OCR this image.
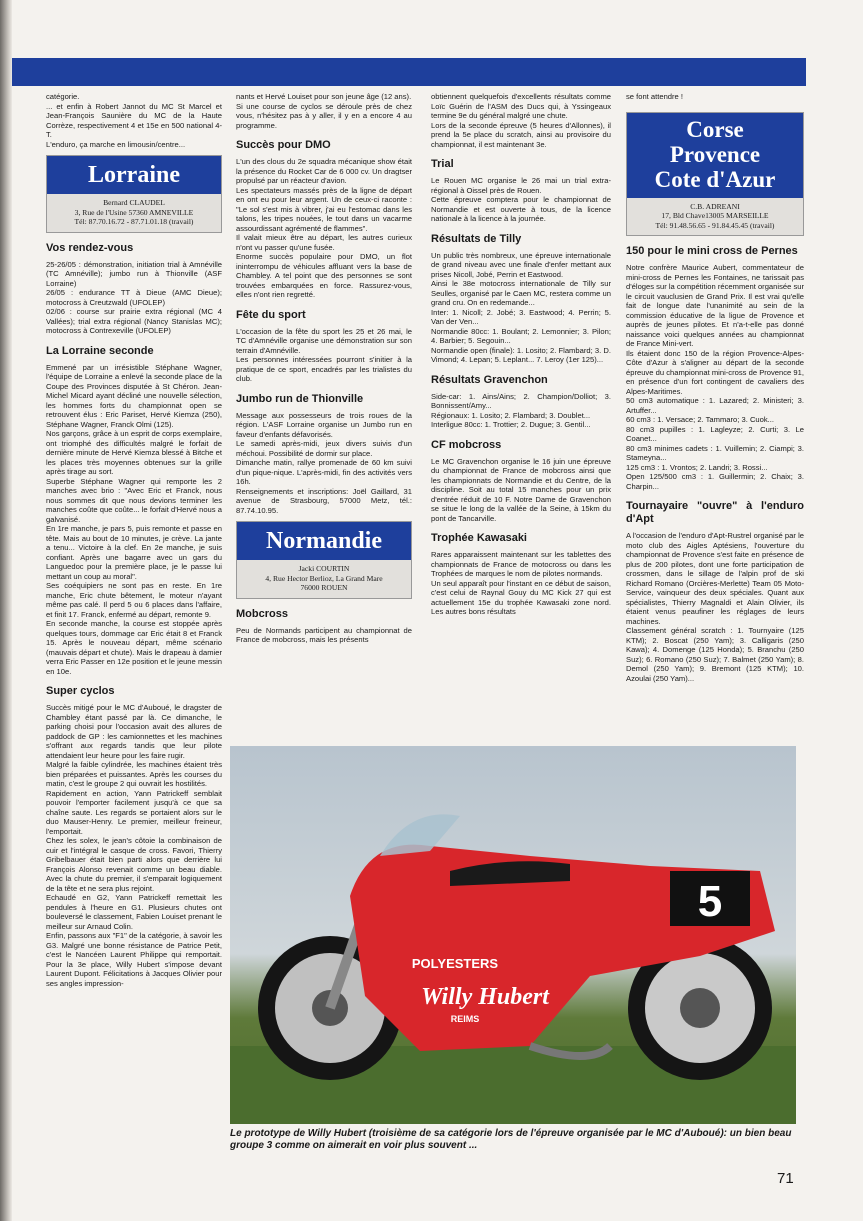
catégorie.
... et enfin à Robert Jannot du MC St Marcel et Jean-François Saunière du MC de la Haute Corrèze, respectivement 4 et 15e en 500 national 4-T.
L'enduro, ça marche en limousin/centre...

Lorraine
Bernard CLAUDEL
3, Rue de l'Usine 57360 AMNEVILLE
Tél: 87.70.16.72 - 87.71.01.18 (travail)
Vos rendez-vous

25-26/05 : démonstration, initiation trial à Amnéville (TC Amnéville); jumbo run à Thionville (ASF Lorraine)
26/05 : endurance TT à Dieue (AMC Dieue); motocross à Creutzwald (UFOLEP)
02/06 : course sur prairie extra régional (MC 4 Vallées); trial extra régional (Nancy Stanislas MC); motocross à Contrexeville (UFOLEP)

La Lorraine seconde

Emmené par un irrésistible Stéphane Wagner, l'équipe de Lorraine a enlevé la seconde place de la Coupe des Provinces disputée à St Chéron. Jean-Michel Micard ayant décliné une nouvelle sélection, les hommes forts du championnat open se retrouvent élus : Eric Pariset, Hervé Kiemza (250), Stéphane Wagner, Franck Olmi (125).
Nos garçons, grâce à un esprit de corps exemplaire, ont triomphé des difficultés malgré le forfait de dernière minute de Hervé Kiemza blessé à Bitche et les places très moyennes obtenues sur la grille après tirage au sort.
Superbe Stéphane Wagner qui remporte les 2 manches avec brio : "Avec Eric et Franck, nous nous sommes dit que nous devions terminer les manches coûte que coûte... le forfait d'Hervé nous a galvanisé.
En 1re manche, je pars 5, puis remonte et passe en tête. Mais au bout de 10 minutes, je crève. La jante a tenu... Victoire à la clef. En 2e manche, je suis confiant. Après une bagarre avec un gars du Languedoc pour la première place, je le passe lui mettant un coup au moral".
Ses coéquipiers ne sont pas en reste. En 1re manche, Eric chute bêtement, le moteur n'ayant même pas calé. Il perd 5 ou 6 places dans l'affaire, et finit 17. Franck, enfermé au départ, remonte 9.
En seconde manche, la course est stoppée après quelques tours, dommage car Eric était 8 et Franck 15. Après le nouveau départ, même scénario (mauvais départ et chute). Mais le drapeau à damier verra Eric Passer en 12e position et le jeune messin en 10e.

Super cyclos

Succès mitigé pour le MC d'Auboué, le dragster de Chambley étant passé par là. Ce dimanche, le parking choisi pour l'occasion avait des allures de paddock de GP : les camionnettes et les machines s'offrant aux regards tandis que leur pilote attendaient leur heure pour les faire rugir.
Malgré la faible cylindrée, les machines étaient très bien préparées et puissantes. Après les courses du matin, c'est le groupe 2 qui ouvrait les hostilités.
Rapidement en action, Yann Patrickeff semblait pouvoir l'emporter facilement jusqu'à ce que sa chaîne saute. Les regards se portaient alors sur le duo Mauser-Henry. Le premier, meilleur freineur, l'emportait.
Chez les solex, le jean's côtoie la combinaison de cuir et l'intégral le casque de cross. Favori, Thierry Gribelbauer était bien parti alors que derrière lui François Alonso revenait comme un beau diable. Avec la chute du premier, il s'emparait logiquement de la tête et ne sera plus rejoint.
Echaudé en G2, Yann Patrickeff remettait les pendules à l'heure en G1. Plusieurs chutes ont bouleversé le classement, Fabien Louiset prenant le meilleur sur Arnaud Colin.
Enfin, passons aux "F1" de la catégorie, à savoir les G3. Malgré une bonne résistance de Patrice Petit, c'est le Nancéen Laurent Philippe qui remportait. Pour la 3e place, Willy Hubert s'impose devant Laurent Dupont. Félicitations à Jacques Olivier pour ses angles impression-

nants et Hervé Louiset pour son jeune âge (12 ans).
Si une course de cyclos se déroule près de chez vous, n'hésitez pas à y aller, il y en a encore 4 au programme.

Succès pour DMO

L'un des clous du 2e squadra mécanique show était la présence du Rocket Car de 6 000 cv. Un dragtser propulsé par un réacteur d'avion.
Les spectateurs massés près de la ligne de départ en ont eu pour leur argent. Un de ceux-ci raconte : "Le sol s'est mis à vibrer, j'ai eu l'estomac dans les talons, les tripes nouées, le tout dans un vacarme assourdissant agrémenté de flammes".
Il valait mieux être au départ, les autres curieux n'ont vu passer qu'une fusée.
Enorme succès populaire pour DMO, un flot ininterrompu de véhicules affluant vers la base de Chambley. A tel point que des personnes se sont trouvées embarquées en force. Rassurez-vous, elles n'ont rien regretté.

Fête du sport

L'occasion de la fête du sport les 25 et 26 mai, le TC d'Amnéville organise une démonstration sur son terrain d'Amnéville.
Les personnes intéressées pourront s'initier à la pratique de ce sport, encadrés par les trialistes du club.

Jumbo run de Thionville

Message aux possesseurs de trois roues de la région. L'ASF Lorraine organise un Jumbo run en faveur d'enfants défavorisés.
Le samedi après-midi, jeux divers suivis d'un méchoui. Possibilité de dormir sur place.
Dimanche matin, rallye promenade de 60 km suivi d'un pique-nique. L'après-midi, fin des activités vers 16h.
Renseignements et inscriptions: Joël Gaillard, 31 avenue de Strasbourg, 57000 Metz, tél.: 87.74.10.95.

Normandie
Jacki COURTIN
4, Rue Hector Berlioz, La Grand Mare
76000 ROUEN
Mobcross

Peu de Normands participent au championnat de France de mobcross, mais les présents

obtiennent quelquefois d'excellents résultats comme Loïc Guérin de l'ASM des Ducs qui, à Yssingeaux termine 9e du général malgré une chute.
Lors de la seconde épreuve (5 heures d'Allonnes), il prend la 5e place du scratch, ainsi au provisoire du championnat, il est maintenant 3e.

Trial

Le Rouen MC organise le 26 mai un trial extra-régional à Oissel près de Rouen.
Cette épreuve comptera pour le championnat de Normandie et est ouverte à tous, de la licence nationale à la licence à la journée.

Résultats de Tilly

Un public très nombreux, une épreuve internationale de grand niveau avec une finale d'enfer mettant aux prises Nicoll, Jobé, Perrin et Eastwood.
Ainsi le 38e motocross internationale de Tilly sur Seulles, organisé par le Caen MC, restera comme un grand cru. On en redemande...
Inter: 1. Nicoll; 2. Jobé; 3. Eastwood; 4. Perrin; 5. Van der Ven...
Normandie 80cc: 1. Boulant; 2. Lemonnier; 3. Pilon; 4. Barbier; 5. Segouin...
Normandie open (finale): 1. Losito; 2. Flambard; 3. D. Vimond; 4. Lepan; 5. Leplant... 7. Leroy (1er 125)...

Résultats Gravenchon

Side-car: 1. Ains/Ains; 2. Champion/Dolliot; 3. Bonnissent/Amy...
Régionaux: 1. Losito; 2. Flambard; 3. Doublet...
Interligue 80cc: 1. Trottier; 2. Dugue; 3. Gentil...

CF mobcross

Le MC Gravenchon organise le 16 juin une épreuve du championnat de France de mobcross ainsi que les championnats de Normandie et du Centre, de la discipline. Soit au total 15 manches pour un prix d'entrée réduit de 10 F. Notre Dame de Gravenchon se situe le long de la vallée de la Seine, à 15km du pont de Tancarville.

Trophée Kawasaki

Rares apparaissent maintenant sur les tablettes des championnats de France de motocross ou dans les Trophées de marques le nom de pilotes normands.
Un seul apparaît pour l'instant en ce début de saison, c'est celui de Raynal Gouy du MC Kick 27 qui est actuellement 15e du trophée Kawasaki zone nord. Les autres bons résultats

se font attendre !

Corse
Provence
Cote d'Azur
C.B. ADREANI
17, Bld Chave13005 MARSEILLE
Tél: 91.48.56.65 - 91.84.45.45 (travail)
150 pour le mini cross de Pernes

Notre confrère Maurice Aubert, commentateur de mini-cross de Pernes les Fontaines, ne tarissait pas d'éloges sur la compétition récemment organisée sur le circuit vauclusien de Grand Prix. Il est vrai qu'elle fait de longue date l'unanimité au sein de la commission éducative de la ligue de Provence et auprès de jeunes pilotes. Et n'a-t-elle pas donné naissance voici quelques années au championnat de France Mini-vert.
Ils étaient donc 150 de la région Provence-Alpes-Côte d'Azur à s'aligner au départ de la seconde épreuve du championnat mini-cross de Provence 91, en présence d'un fort contingent de cavaliers des Alpes-Maritimes.
50 cm3 automatique : 1. Lazared; 2. Ministeri; 3. Artuffer...
60 cm3 : 1. Versace; 2. Tammaro; 3. Cuok...
80 cm3 pupilles : 1. Lagleyze; 2. Curti; 3. Le Coanet...
80 cm3 minimes cadets : 1. Vuillemin; 2. Ciampi; 3. Stameyna...
125 cm3 : 1. Vrontos; 2. Landri; 3. Rossi...
Open 125/500 cm3 : 1. Guillermin; 2. Chaix; 3. Charpin...

Tournayaire "ouvre" à l'enduro d'Apt

A l'occasion de l'enduro d'Apt-Rustrel organisé par le moto club des Aigles Aptésiens, l'ouverture du championnat de Provence s'est faite en présence de plus de 200 pilotes, dont une forte participation de crossmen, dans le sillage de l'alpin prof de ski Richard Romano (Orcières-Merlette) Team 05 Moto-Service, vainqueur des deux spéciales. Quant aux spécialistes, Thierry Magnaldi et Alain Olivier, ils étaient venus peaufiner les réglages de leurs machines.
Classement général scratch : 1. Tournyaire (125 KTM); 2. Boscat (250 Yam); 3. Calligaris (250 Kawa); 4. Domenge (125 Honda); 5. Branchu (250 Suz); 6. Romano (250 Suz); 7. Balmet (250 Yam); 8. Demol (250 Yam); 9. Bremont (125 KTM); 10. Azoulai (250 Yam)...

5
POLYESTERS
Willy Hubert
REIMS
Le prototype de Willy Hubert (troisième de sa catégorie lors de l'épreuve organisée par le MC d'Auboué): un bien beau groupe 3 comme on aimerait en voir plus souvent ...
71
